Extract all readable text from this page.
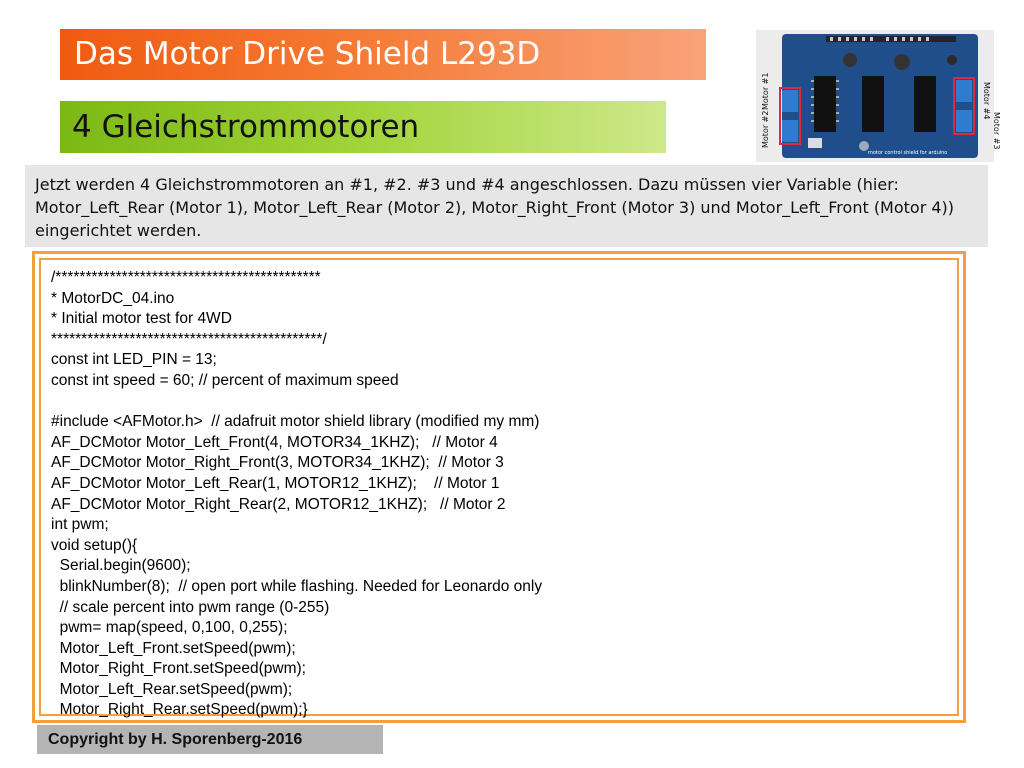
Das Motor Drive Shield L293D
4 Gleichstrommotoren
motor control shield for arduino
Motor #1
Motor #2
Motor #4
Motor #3
Jetzt werden 4 Gleichstrommotoren an #1, #2. #3 und #4 angeschlossen. Dazu müssen vier Variable (hier: Motor_Left_Rear (Motor 1), Motor_Left_Rear (Motor 2), Motor_Right_Front (Motor 3) und Motor_Left_Front (Motor 4)) eingerichtet werden.
/********************************************
* MotorDC_04.ino
* Initial motor test for 4WD
*********************************************/
const int LED_PIN = 13;
const int speed = 60; // percent of maximum speed
#include <AFMotor.h>  // adafruit motor shield library (modified my mm)
AF_DCMotor Motor_Left_Front(4, MOTOR34_1KHZ);   // Motor 4
AF_DCMotor Motor_Right_Front(3, MOTOR34_1KHZ);  // Motor 3
AF_DCMotor Motor_Left_Rear(1, MOTOR12_1KHZ);    // Motor 1
AF_DCMotor Motor_Right_Rear(2, MOTOR12_1KHZ);   // Motor 2
int pwm;
void setup(){
Serial.begin(9600);
blinkNumber(8);  // open port while flashing. Needed for Leonardo only
// scale percent into pwm range (0-255)
pwm= map(speed, 0,100, 0,255);
Motor_Left_Front.setSpeed(pwm);
Motor_Right_Front.setSpeed(pwm);
Motor_Left_Rear.setSpeed(pwm);
Motor_Right_Rear.setSpeed(pwm);}
Copyright by H. Sporenberg-2016
